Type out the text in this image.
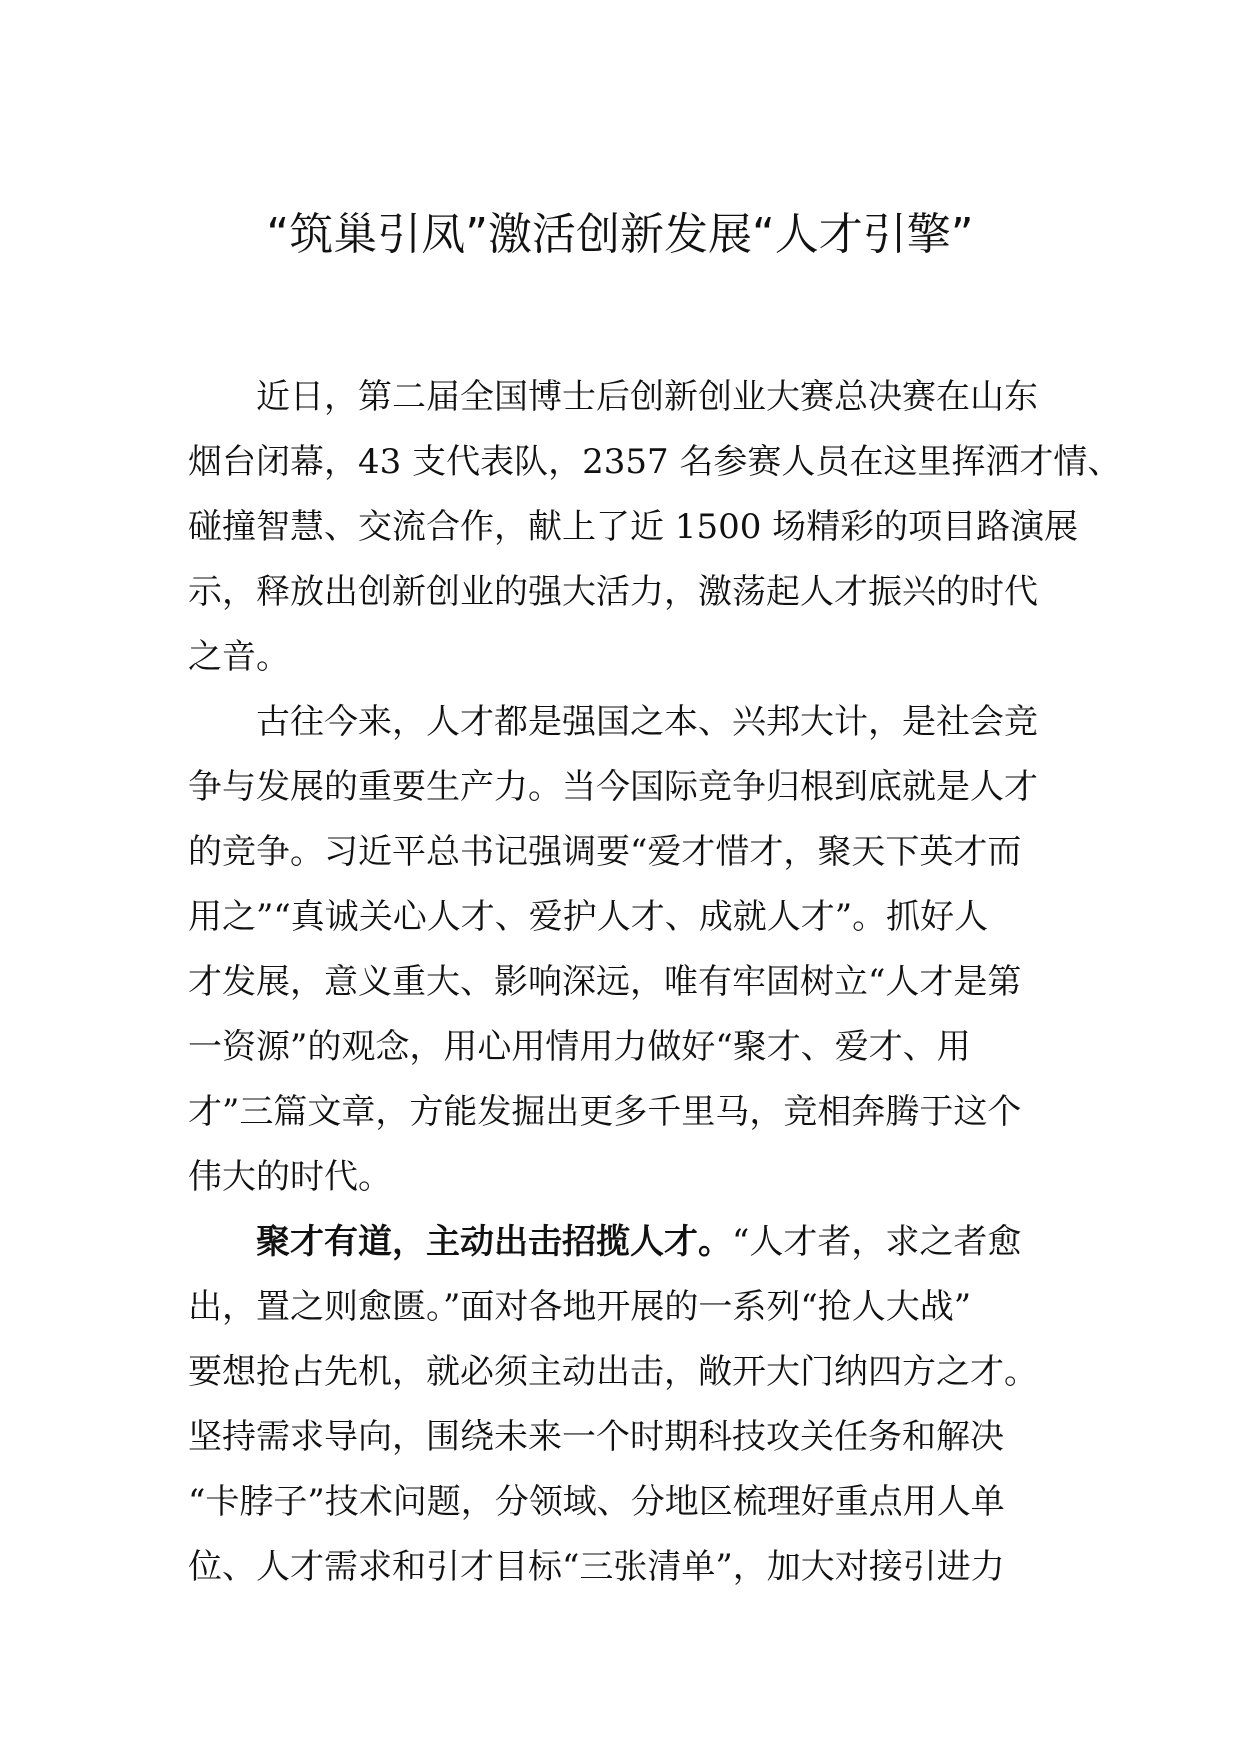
“筑巢引凤”激活创新发展“人才引擎”

近日，第二届全国博士后创新创业大赛总决赛在山东
烟台闭幕，43 支代表队，2357 名参赛人员在这里挥洒才情、
碰撞智慧、交流合作，献上了近 1500 场精彩的项目路演展
示，释放出创新创业的强大活力，激荡起人才振兴的时代
之音。

古往今来，人才都是强国之本、兴邦大计，是社会竞
争与发展的重要生产力。当今国际竞争归根到底就是人才
的竞争。习近平总书记强调要“爱才惜才，聚天下英才而
用之”“真诚关心人才、爱护人才、成就人才”。抓好人
才发展，意义重大、影响深远，唯有牢固树立“人才是第
一资源”的观念，用心用情用力做好“聚才、爱才、用
才”三篇文章，方能发掘出更多千里马，竞相奔腾于这个
伟大的时代。

聚才有道，主动出击招揽人才。“人才者，求之者愈
出，置之则愈匮。”面对各地开展的一系列“抢人大战”
要想抢占先机，就必须主动出击，敞开大门纳四方之才。
坚持需求导向，围绕未来一个时期科技攻关任务和解决
“卡脖子”技术问题，分领域、分地区梳理好重点用人单
位、人才需求和引才目标“三张清单”，加大对接引进力
